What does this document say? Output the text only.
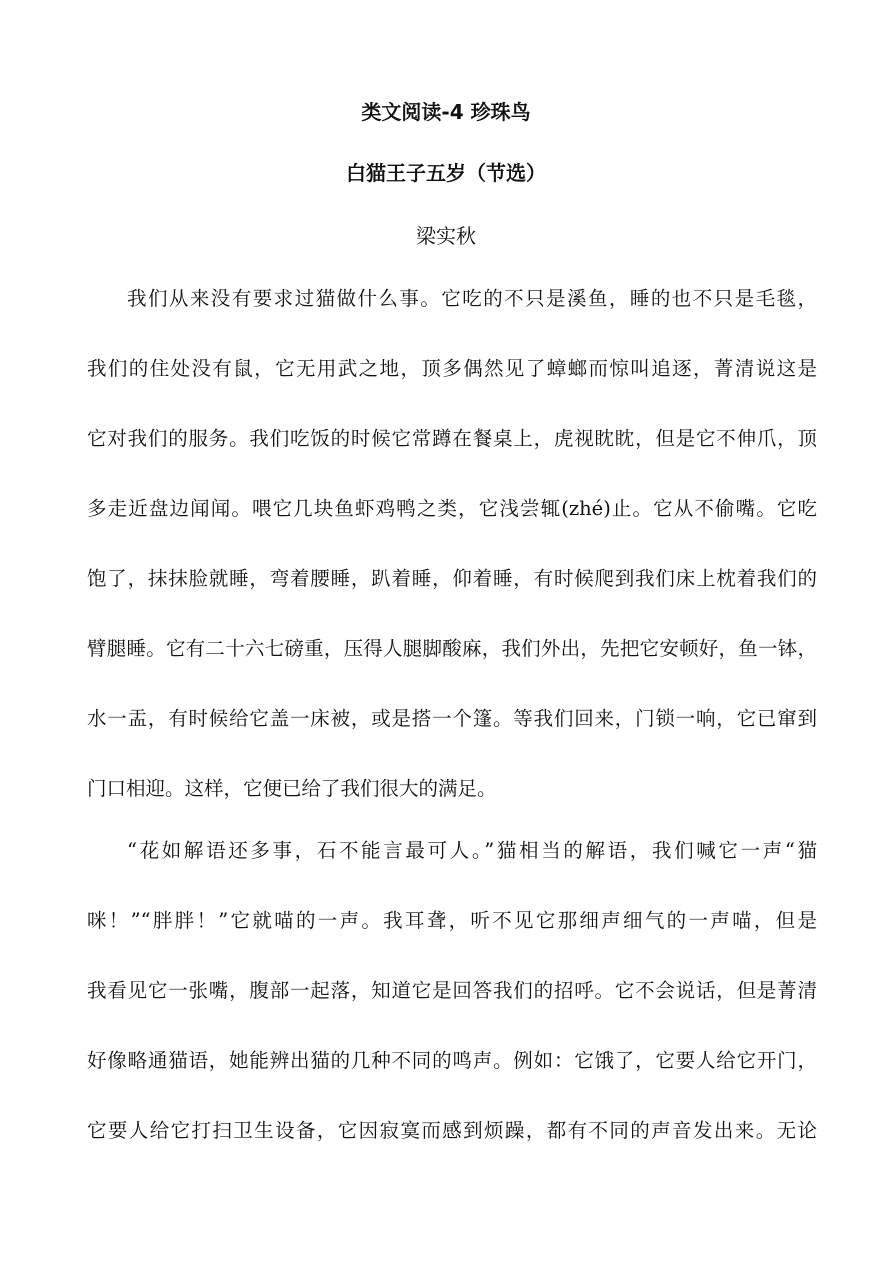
类文阅读-4 珍珠鸟
白猫王子五岁（节选）
梁实秋

我们从来没有要求过猫做什么事。它吃的不只是溪鱼，睡的也不只是毛毯，

我们的住处没有鼠，它无用武之地，顶多偶然见了蟑螂而惊叫追逐，菁清说这是

它对我们的服务。我们吃饭的时候它常蹲在餐桌上，虎视眈眈，但是它不伸爪，顶

多走近盘边闻闻。喂它几块鱼虾鸡鸭之类，它浅尝辄(zhé)止。它从不偷嘴。它吃

饱了，抹抹脸就睡，弯着腰睡，趴着睡，仰着睡，有时候爬到我们床上枕着我们的

臂腿睡。它有二十六七磅重，压得人腿脚酸麻，我们外出，先把它安顿好，鱼一钵，

水一盂，有时候给它盖一床被，或是搭一个篷。等我们回来，门锁一响，它已窜到

门口相迎。这样，它便已给了我们很大的满足。

“花如解语还多事，石不能言最可人。”猫相当的解语，我们喊它一声“猫

咪！”“胖胖！”它就喵的一声。我耳聋，听不见它那细声细气的一声喵，但是

我看见它一张嘴，腹部一起落，知道它是回答我们的招呼。它不会说话，但是菁清

好像略通猫语，她能辨出猫的几种不同的鸣声。例如：它饿了，它要人给它开门，

它要人给它打扫卫生设备，它因寂寞而感到烦躁，都有不同的声音发出来。无论
